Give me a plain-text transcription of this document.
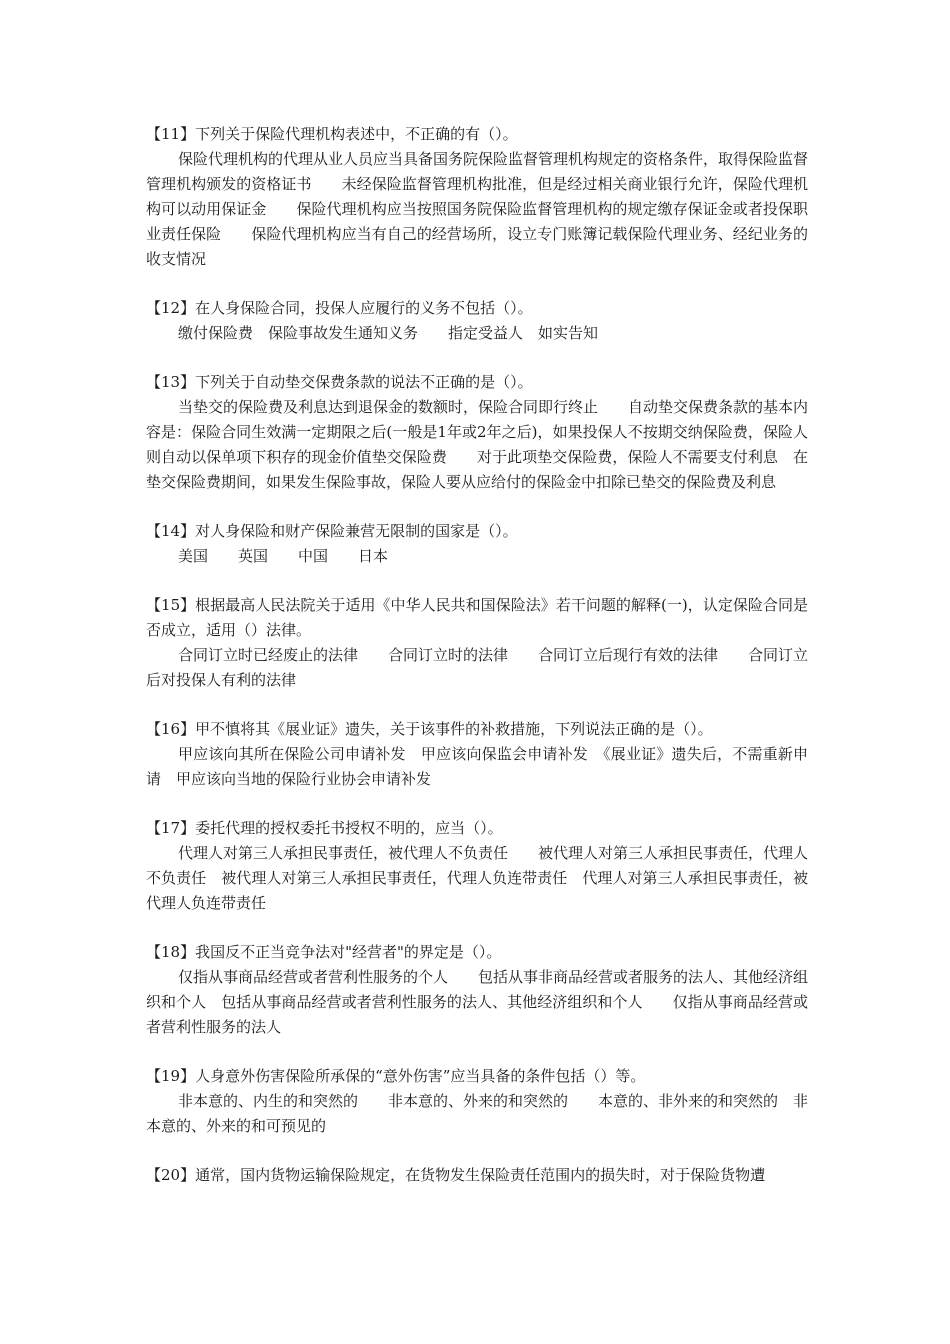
【11】下列关于保险代理机构表述中，不正确的有（）。

保险代理机构的代理从业人员应当具备国务院保险监督管理机构规定的资格条件，取得保险监督管理机构颁发的资格证书　　未经保险监督管理机构批准，但是经过相关商业银行允许，保险代理机构可以动用保证金　　保险代理机构应当按照国务院保险监督管理机构的规定缴存保证金或者投保职业责任保险　　保险代理机构应当有自己的经营场所，设立专门账簿记载保险代理业务、经纪业务的收支情况

【12】在人身保险合同，投保人应履行的义务不包括（）。

缴付保险费　保险事故发生通知义务　　指定受益人　如实告知

【13】下列关于自动垫交保费条款的说法不正确的是（）。

当垫交的保险费及利息达到退保金的数额时，保险合同即行终止　　自动垫交保费条款的基本内容是：保险合同生效满一定期限之后(一般是1年或2年之后)，如果投保人不按期交纳保险费，保险人则自动以保单项下积存的现金价值垫交保险费　　对于此项垫交保险费，保险人不需要支付利息　在垫交保险费期间，如果发生保险事故，保险人要从应给付的保险金中扣除已垫交的保险费及利息

【14】对人身保险和财产保险兼营无限制的国家是（）。

美国　　英国　　中国　　日本

【15】根据最高人民法院关于适用《中华人民共和国保险法》若干问题的解释(一)，认定保险合同是否成立，适用（）法律。

合同订立时已经废止的法律　　合同订立时的法律　　合同订立后现行有效的法律　　合同订立后对投保人有利的法律

【16】甲不慎将其《展业证》遗失，关于该事件的补救措施，下列说法正确的是（）。

甲应该向其所在保险公司申请补发　甲应该向保监会申请补发　《展业证》遗失后，不需重新申请　甲应该向当地的保险行业协会申请补发

【17】委托代理的授权委托书授权不明的，应当（）。

代理人对第三人承担民事责任，被代理人不负责任　　被代理人对第三人承担民事责任，代理人不负责任　被代理人对第三人承担民事责任，代理人负连带责任　代理人对第三人承担民事责任，被代理人负连带责任

【18】我国反不正当竞争法对"经营者"的界定是（）。

仅指从事商品经营或者营利性服务的个人　　包括从事非商品经营或者服务的法人、其他经济组织和个人　包括从事商品经营或者营利性服务的法人、其他经济组织和个人　　仅指从事商品经营或者营利性服务的法人

【19】人身意外伤害保险所承保的“意外伤害”应当具备的条件包括（）等。

非本意的、内生的和突然的　　非本意的、外来的和突然的　　本意的、非外来的和突然的　非本意的、外来的和可预见的

【20】通常，国内货物运输保险规定，在货物发生保险责任范围内的损失时，对于保险货物遭
